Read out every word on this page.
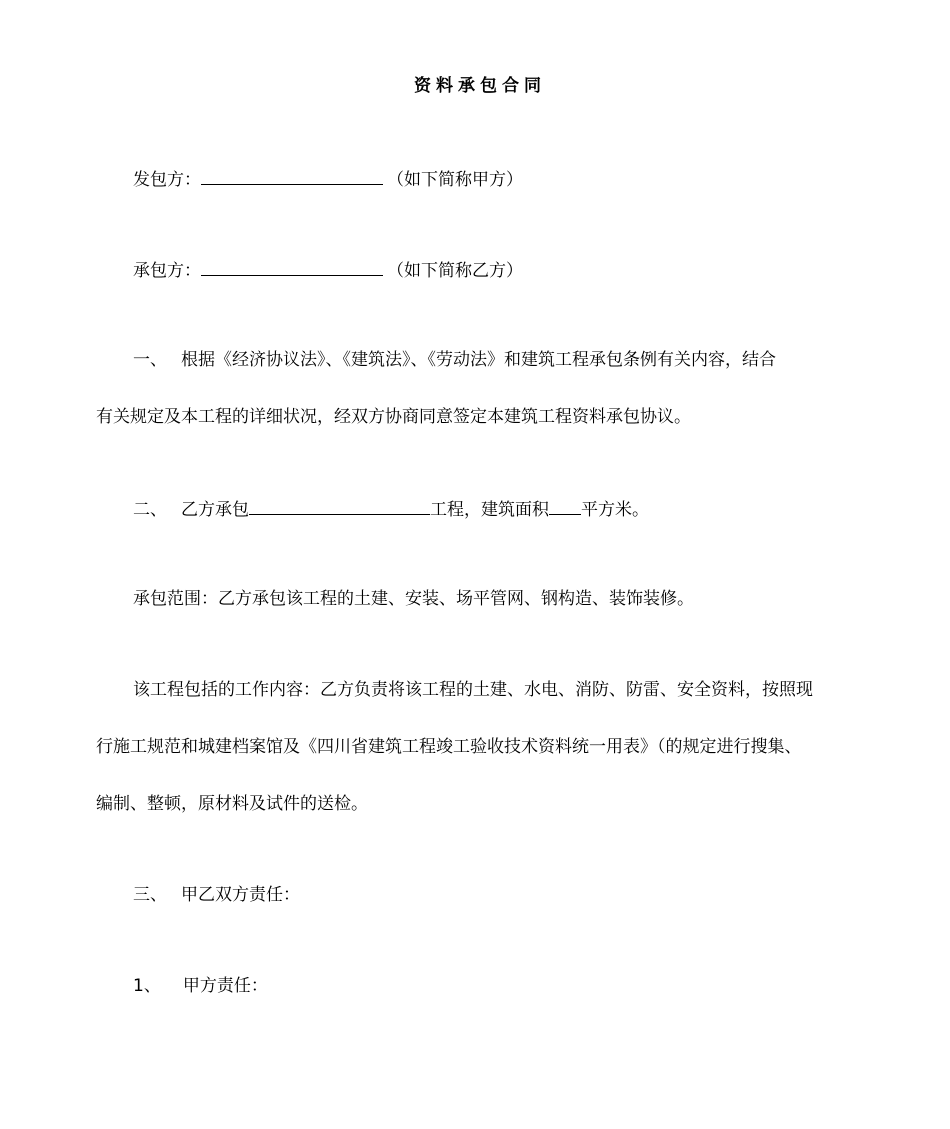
资料承包合同
发包方：	（如下简称甲方）
承包方：	（如下简称乙方）
一、 根据《经济协议法》、《建筑法》、《劳动法》和建筑工程承包条例有关内容，结合
有关规定及本工程的详细状况，经双方协商同意签定本建筑工程资料承包协议。
二、 乙方承包	工程，建筑面积 平方米。
承包范围：乙方承包该工程的土建、安装、场平管网、钢构造、装饰装修。
该工程包括的工作内容：乙方负责将该工程的土建、水电、消防、防雷、安全资料，按照现
行施工规范和城建档案馆及《四川省建筑工程竣工验收技术资料统一用表》（的规定进行搜集、
编制、整顿，原材料及试件的送检。
三、 甲乙双方责任：
1、 甲方责任：
